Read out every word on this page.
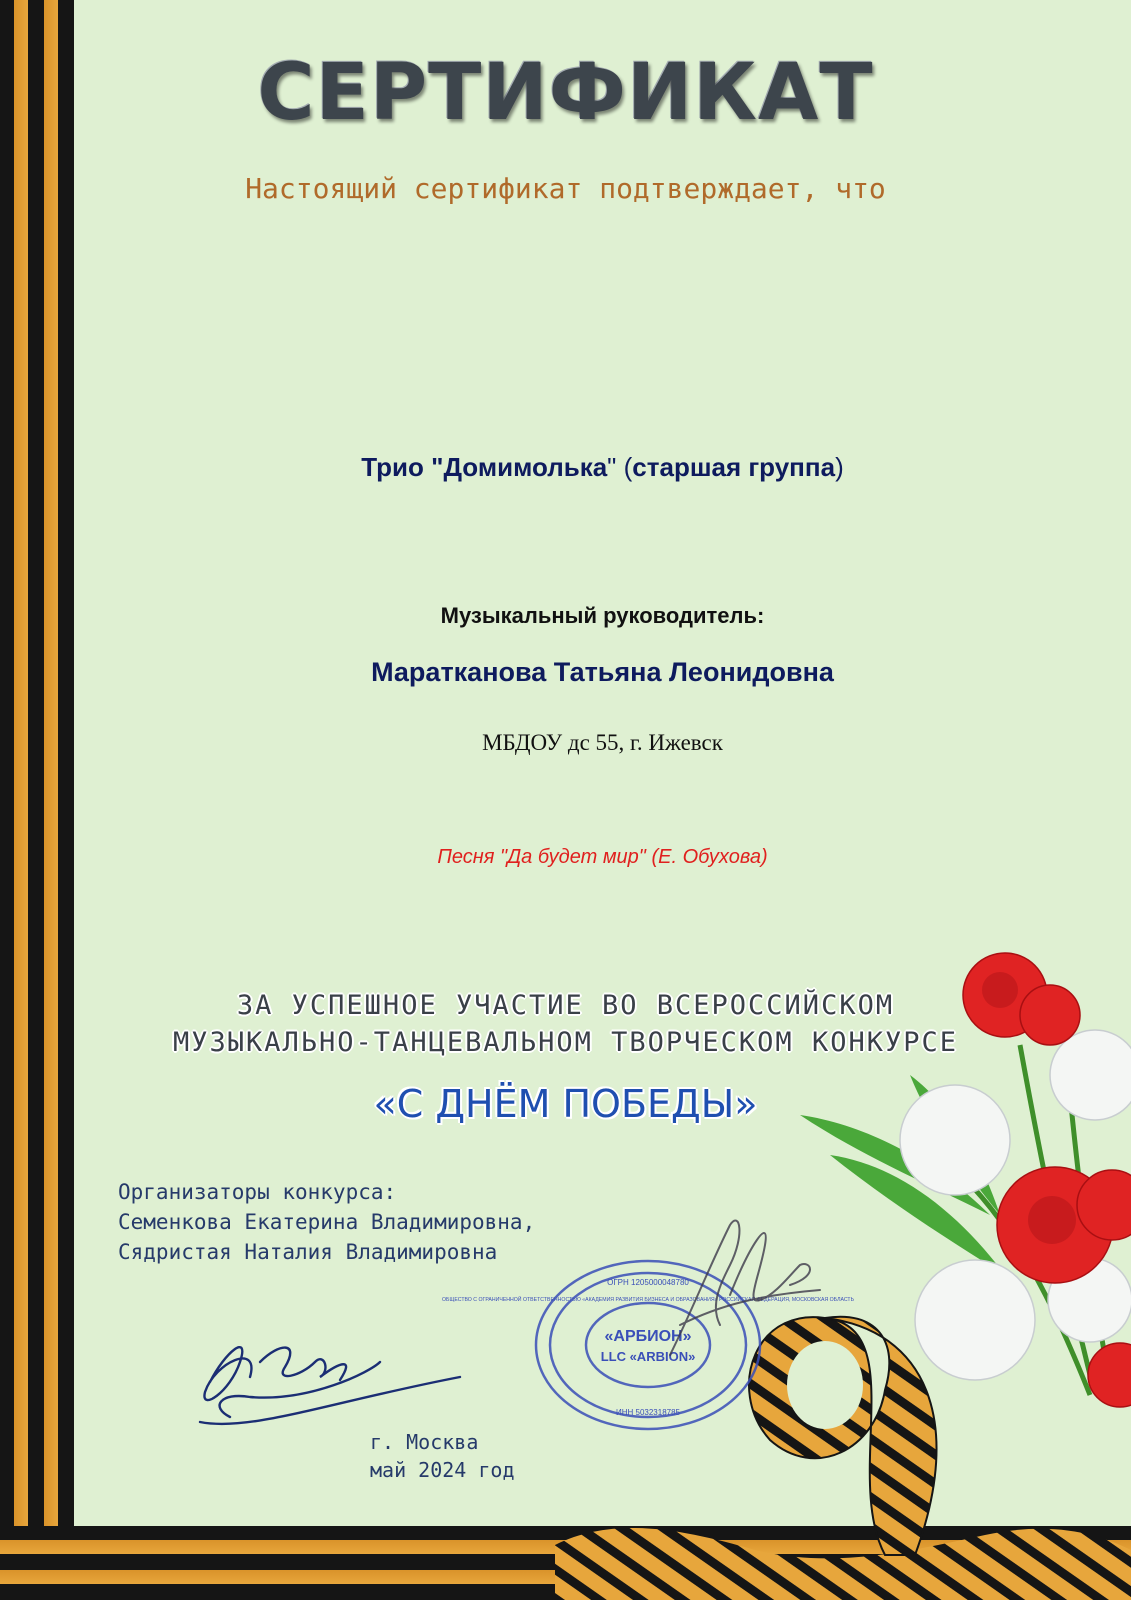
СЕРТИФИКАТ
Настоящий сертификат подтверждает, что
Трио "Домимолька" (старшая группа)
Музыкальный руководитель:
Маратканова Татьяна Леонидовна
МБДОУ дс 55, г. Ижевск
Песня "Да будет мир" (Е. Обухова)
ЗА УСПЕШНОЕ УЧАСТИЕ ВО ВСЕРОССИЙСКОМ
МУЗЫКАЛЬНО-ТАНЦЕВАЛЬНОМ ТВОРЧЕСКОМ КОНКУРСЕ
«С ДНЁМ ПОБЕДЫ»
Организаторы конкурса:
Семенкова Екатерина Владимировна,
Сядристая Наталия Владимировна
«АРБИОН»
LLC «ARBION»
ОГРН 1205000048780
ИНН 5032318785
ОБЩЕСТВО С ОГРАНИЧЕННОЙ ОТВЕТСТВЕННОСТЬЮ «АКАДЕМИЯ РАЗВИТИЯ БИЗНЕСА И ОБРАЗОВАНИЯ» РОССИЙСКАЯ ФЕДЕРАЦИЯ, МОСКОВСКАЯ ОБЛАСТЬ
г. Москва
май 2024 год
